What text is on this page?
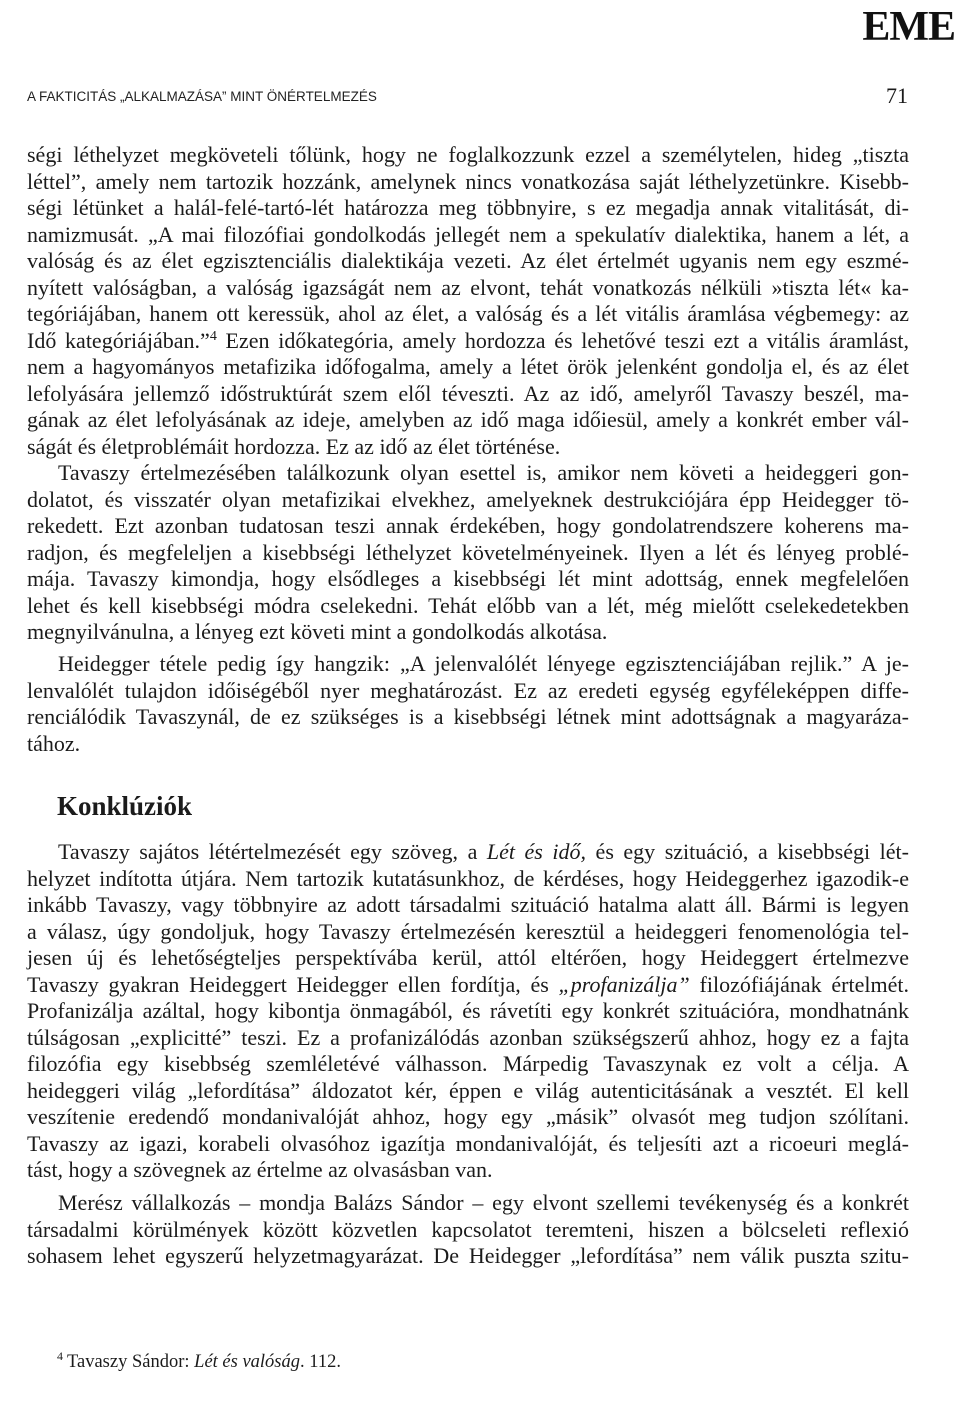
EME
A FAKTICITÁS „ALKALMAZÁSA” MINT ÖNÉRTELMEZÉS	71
ségi léthelyzet megköveteli tőlünk, hogy ne foglalkozzunk ezzel a személytelen, hideg „tiszta
léttel”, amely nem tartozik hozzánk, amelynek nincs vonatkozása saját léthelyzetünkre. Kisebb-
ségi létünket a halál-felé-tartó-lét határozza meg többnyire, s ez megadja annak vitalitását, di-
namizmusát. „A mai filozófiai gondolkodás jellegét nem a spekulatív dialektika, hanem a lét, a
valóság és az élet egzisztenciális dialektikája vezeti. Az élet értelmét ugyanis nem egy eszmé-
nyített valóságban, a valóság igazságát nem az elvont, tehát vonatkozás nélküli »tiszta lét« ka-
tegóriájában, hanem ott keressük, ahol az élet, a valóság és a lét vitális áramlása végbemegy: az
Idő kategóriájában.”$^4$ Ezen időkategória, amely hordozza és lehetővé teszi ezt a vitális áramlást,
nem a hagyományos metafizika időfogalma, amely a létet örök jelenként gondolja el, és az élet
lefolyására jellemző időstruktúrát szem elől téveszti. Az az idő, amelyről Tavaszy beszél, ma-
gának az élet lefolyásának az ideje, amelyben az idő maga időiesül, amely a konkrét ember vál-
ságát és életproblémáit hordozza. Ez az idő az élet történése.
Tavaszy értelmezésében találkozunk olyan esettel is, amikor nem követi a heideggeri gon-
dolatot, és visszatér olyan metafizikai elvekhez, amelyeknek destrukciójára épp Heidegger tö-
rekedett. Ezt azonban tudatosan teszi annak érdekében, hogy gondolatrendszere koherens ma-
radjon, és megfeleljen a kisebbségi léthelyzet követelményeinek. Ilyen a lét és lényeg problé-
mája. Tavaszy kimondja, hogy elsődleges a kisebbségi lét mint adottság, ennek megfelelően
lehet és kell kisebbségi módra cselekedni. Tehát előbb van a lét, még mielőtt cselekedetekben
megnyilvánulna, a lényeg ezt követi mint a gondolkodás alkotása.
Heidegger tétele pedig így hangzik: „A jelenvalólét lényege egzisztenciájában rejlik.” A je-
lenvalólét tulajdon időiségéből nyer meghatározást. Ez az eredeti egység egyféleképpen diffe-
renciálódik Tavaszynál, de ez szükséges is a kisebbségi létnek mint adottságnak a magyaráza-
tához.
Konklúziók
Tavaszy sajátos létértelmezését egy szöveg, a Lét és idő, és egy szituáció, a kisebbségi lét-
helyzet indította útjára. Nem tartozik kutatásunkhoz, de kérdéses, hogy Heideggerhez igazodik-e
inkább Tavaszy, vagy többnyire az adott társadalmi szituáció hatalma alatt áll. Bármi is legyen
a válasz, úgy gondoljuk, hogy Tavaszy értelmezésén keresztül a heideggeri fenomenológia tel-
jesen új és lehetőségteljes perspektívába kerül, attól eltérően, hogy Heideggert értelmezve
Tavaszy gyakran Heideggert Heidegger ellen fordítja, és „profanizálja” filozófiájának értelmét.
Profanizálja azáltal, hogy kibontja önmagából, és rávetíti egy konkrét szituációra, mondhatnánk
túlságosan „explicitté” teszi. Ez a profanizálódás azonban szükségszerű ahhoz, hogy ez a fajta
filozófia egy kisebbség szemléletévé válhasson. Márpedig Tavaszynak ez volt a célja. A
heideggeri világ „lefordítása” áldozatot kér, éppen e világ autenticitásának a vesztét. El kell
veszítenie eredendő mondanivalóját ahhoz, hogy egy „másik” olvasót meg tudjon szólítani.
Tavaszy az igazi, korabeli olvasóhoz igazítja mondanivalóját, és teljesíti azt a ricoeuri meglá-
tást, hogy a szövegnek az értelme az olvasásban van.
Merész vállalkozás – mondja Balázs Sándor – egy elvont szellemi tevékenység és a konkrét
társadalmi körülmények között közvetlen kapcsolatot teremteni, hiszen a bölcseleti reflexió
sohasem lehet egyszerű helyzetmagyarázat. De Heidegger „lefordítása” nem válik puszta szitu-
$^4$ Tavaszy Sándor: Lét és valóság. 112.
